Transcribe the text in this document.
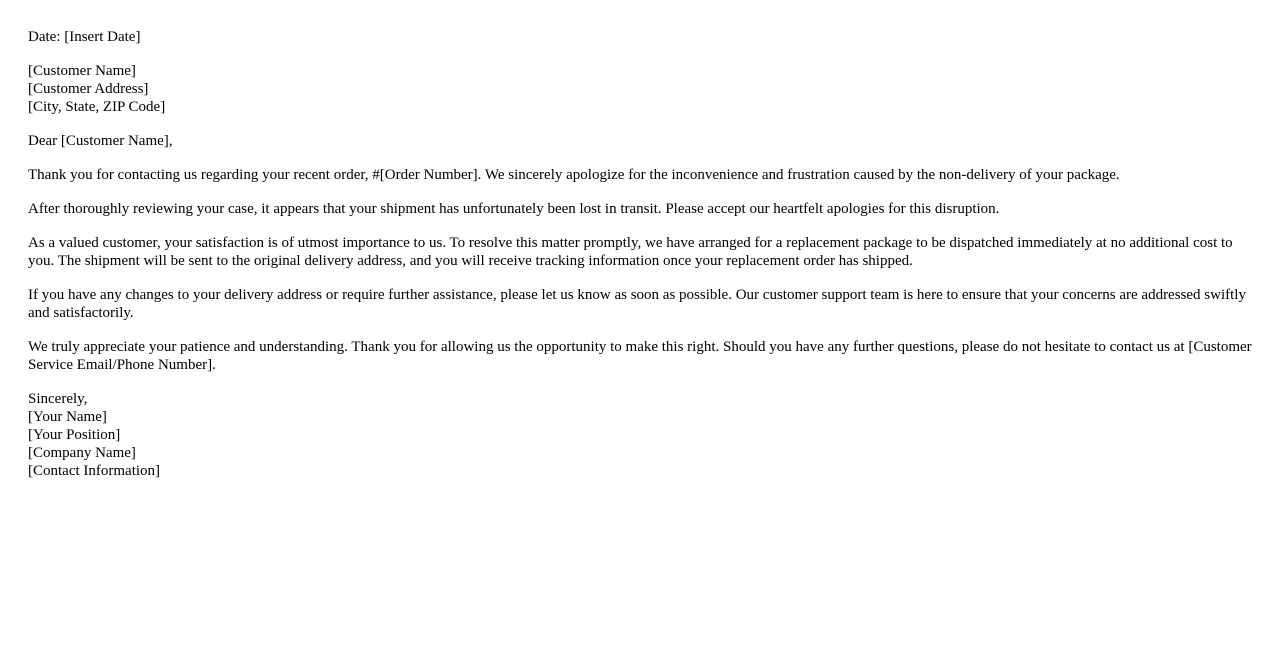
Date: [Insert Date]
[Customer Name]
[Customer Address]
[City, State, ZIP Code]
Dear [Customer Name],

Thank you for contacting us regarding your recent order, #[Order Number]. We sincerely apologize for the inconvenience and frustration caused by the non-delivery of your package.

After thoroughly reviewing your case, it appears that your shipment has unfortunately been lost in transit. Please accept our heartfelt apologies for this disruption.

As a valued customer, your satisfaction is of utmost importance to us. To resolve this matter promptly, we have arranged for a replacement package to be dispatched immediately at no additional cost to you. The shipment will be sent to the original delivery address, and you will receive tracking information once your replacement order has shipped.

If you have any changes to your delivery address or require further assistance, please let us know as soon as possible. Our customer support team is here to ensure that your concerns are addressed swiftly and satisfactorily.

We truly appreciate your patience and understanding. Thank you for allowing us the opportunity to make this right. Should you have any further questions, please do not hesitate to contact us at [Customer Service Email/Phone Number].

Sincerely,
[Your Name]
[Your Position]
[Company Name]
[Contact Information]
